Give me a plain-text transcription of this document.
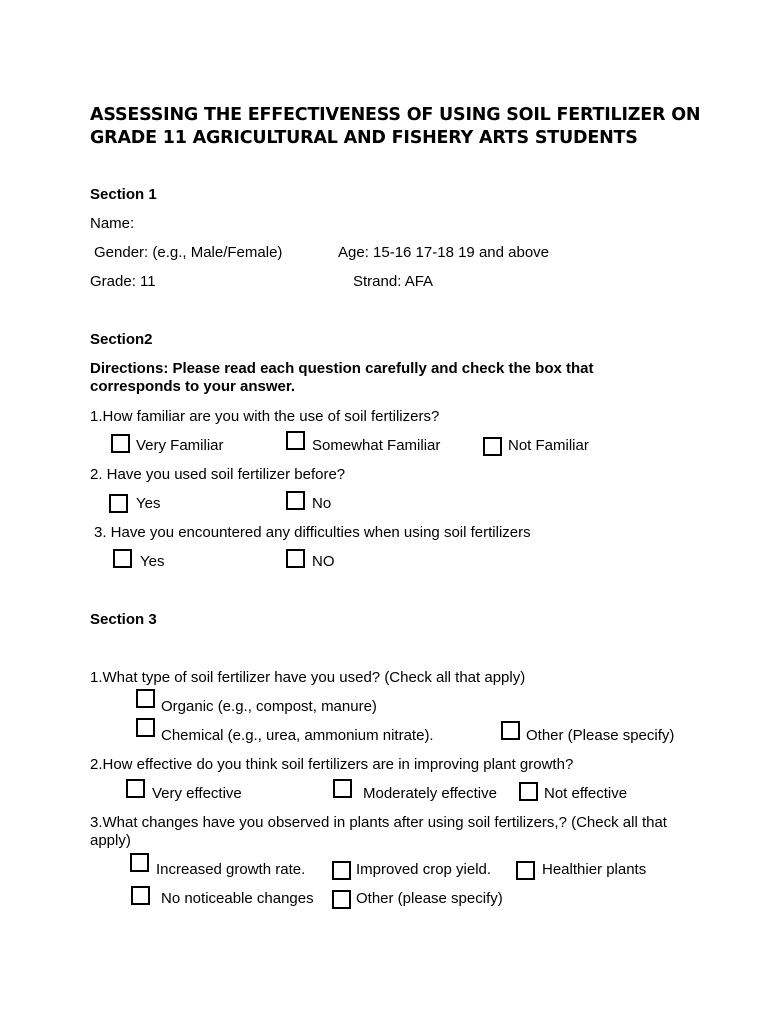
ASSESSING THE EFFECTIVENESS OF USING SOIL FERTILIZER ON GRADE 11 AGRICULTURAL AND FISHERY ARTS STUDENTS
Section 1
Name:
Gender: (e.g., Male/Female)	Age: 15-16 17-18 19 and above
Grade: 11	Strand: AFA
Section2
Directions: Please read each question carefully and check the box that corresponds to your answer.
1.How familiar are you with the use of soil fertilizers?
Very Familiar	Somewhat Familiar	Not Familiar
2. Have you used soil fertilizer before?
Yes	No
3. Have you encountered any difficulties when using soil fertilizers
Yes	NO
Section 3
1.What type of soil fertilizer have you used? (Check all that apply)
Organic (e.g., compost, manure)
Chemical (e.g., urea, ammonium nitrate).	Other (Please specify)
2.How effective do you think soil fertilizers are in improving plant growth?
Very effective	Moderately effective	Not effective
3.What changes have you observed in plants after using soil fertilizers,? (Check all that apply)
Increased growth rate.	Improved crop yield.	Healthier plants
No noticeable changes	Other (please specify)
